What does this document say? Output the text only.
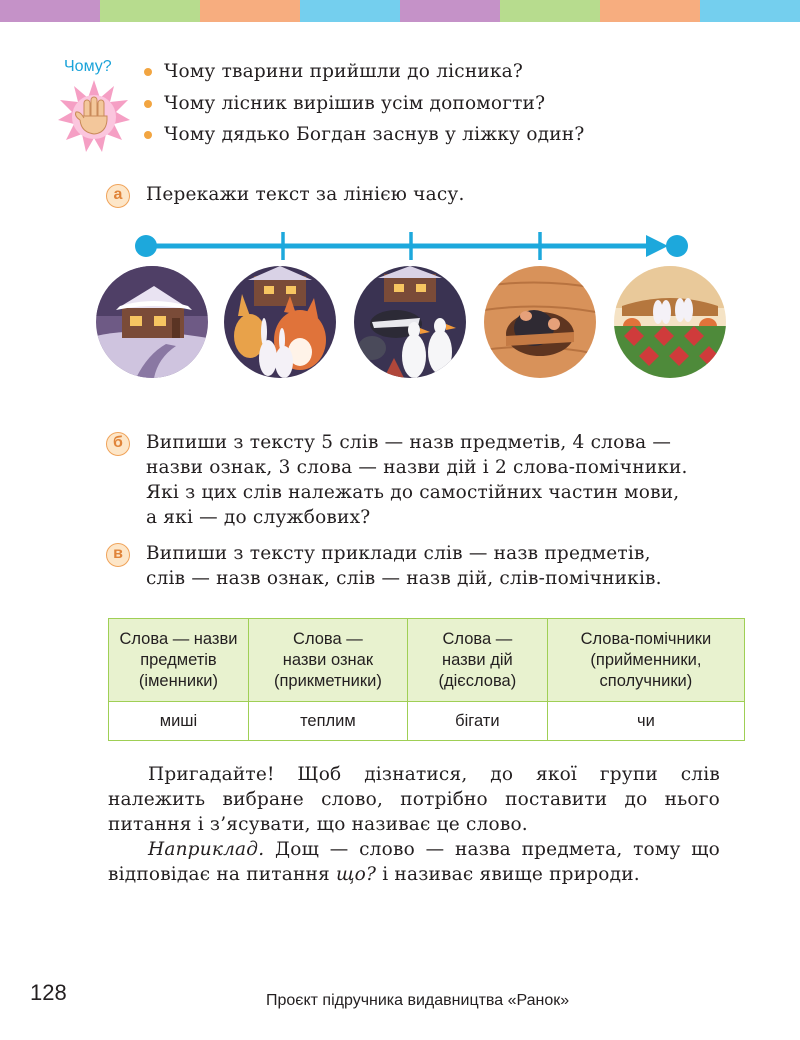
Чому?	Чому тварини прийшли до лісника?
Чому лісник вирішив усім допомогти?
Чому дядько Богдан заснув у ліжку один?
а	Перекажи текст за лінією часу.
б	Випиши з тексту 5 слів — назв предметів, 4 слова —
назви ознак, 3 слова — назви дій і 2 слова-помічники.
Які з цих слів належать до самостійних частин мови,
а які — до службових?
в	Випиши з тексту приклади слів — назв предметів,
слів — назв ознак, слів — назв дій, слів-помічників.
Слова — назви
предметів
(іменники)	Слова —
назви ознак
(прикметники)	Слова —
назви дій
(дієслова)	Слова-помічники
(прийменники,
сполучники)
миші	теплим	бігати	чи

Пригадайте! Щоб дізнатися, до якої групи слів належить вибране слово, потрібно поставити до нього питання і з’ясувати, що називає це слово.

Наприклад. Дощ — слово — назва предмета, тому що відповідає на питання що? і називає явище природи.

128	Проєкт підручника видавництва «Ранок»
